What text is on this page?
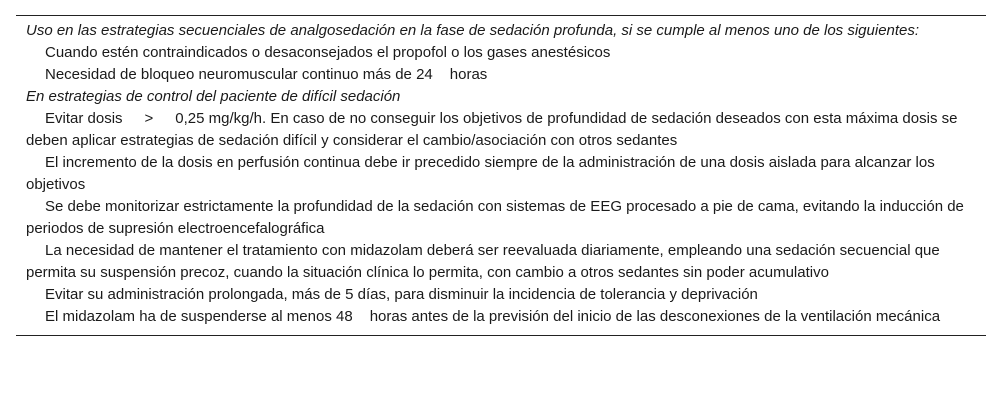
Uso en las estrategias secuenciales de analgosedación en la fase de sedación profunda, si se cumple al menos uno de los siguientes:
Cuando estén contraindicados o desaconsejados el propofol o los gases anestésicos
Necesidad de bloqueo neuromuscular continuo más de 24 horas
En estrategias de control del paciente de difícil sedación
Evitar dosis > 0,25 mg/kg/h. En caso de no conseguir los objetivos de profundidad de sedación deseados con esta máxima dosis se deben aplicar estrategias de sedación difícil y considerar el cambio/asociación con otros sedantes
El incremento de la dosis en perfusión continua debe ir precedido siempre de la administración de una dosis aislada para alcanzar los objetivos
Se debe monitorizar estrictamente la profundidad de la sedación con sistemas de EEG procesado a pie de cama, evitando la inducción de periodos de supresión electroencefalográfica
La necesidad de mantener el tratamiento con midazolam deberá ser reevaluada diariamente, empleando una sedación secuencial que permita su suspensión precoz, cuando la situación clínica lo permita, con cambio a otros sedantes sin poder acumulativo
Evitar su administración prolongada, más de 5 días, para disminuir la incidencia de tolerancia y deprivación
El midazolam ha de suspenderse al menos 48 horas antes de la previsión del inicio de las desconexiones de la ventilación mecánica
